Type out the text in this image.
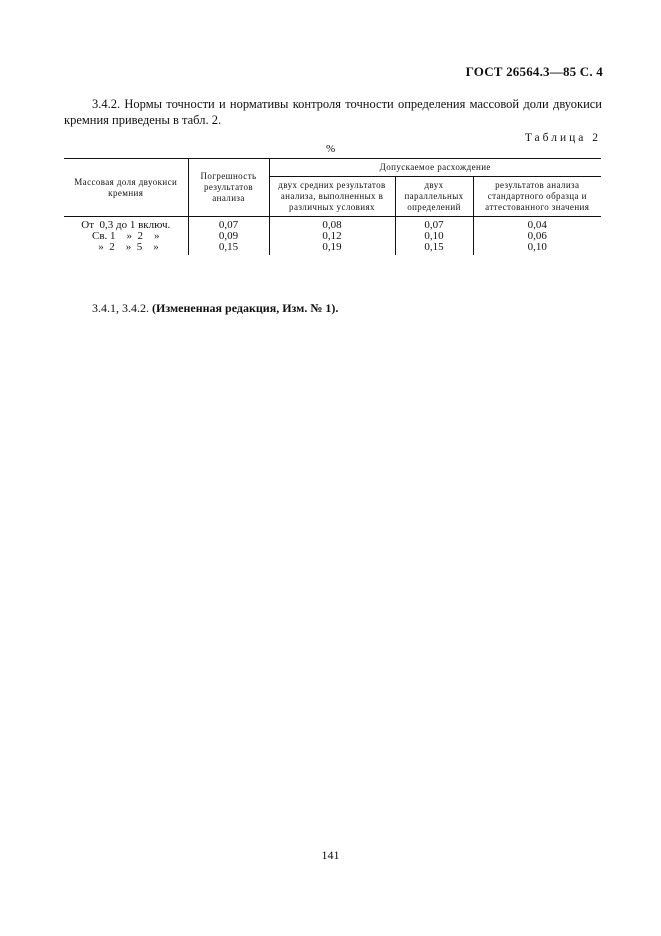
ГОСТ 26564.3—85 С. 4
3.4.2. Нормы точности и нормативы контроля точности определения массовой доли двуокиси кремния приведены в табл. 2.
Таблица 2
%
Массовая доля двуокиси кремния	Погрешность результатов анализа	Допускаемое расхождение		
		двух средних результатов анализа, выполненных в различных условиях	двух параллельных определений	результатов анализа стандартного образца и аттестованного значения
От  0,3 до 1 включ.	0,07	0,08	0,07	0,04
Св. 1    »  2    »	0,09	0,12	0,10	0,06
»  2    »  5    »	0,15	0,19	0,15	0,10
3.4.1, 3.4.2. (Измененная редакция, Изм. № 1).
141
